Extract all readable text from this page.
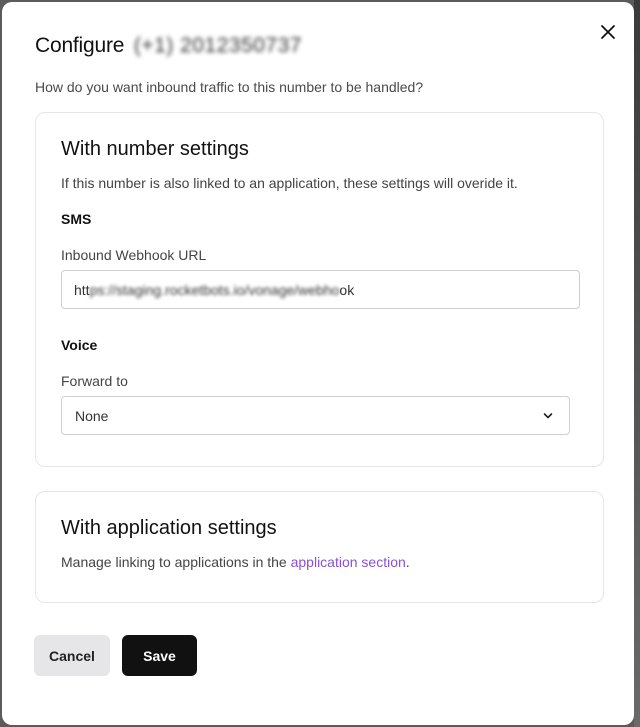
Configure (+1) 2012350737
How do you want inbound traffic to this number to be handled?
With number settings
If this number is also linked to an application, these settings will overide it.
SMS
Inbound Webhook URL
https://staging.rocketbots.io/vonage/webhook
Voice
Forward to
None
With application settings
Manage linking to applications in the application section.
Cancel	Save
